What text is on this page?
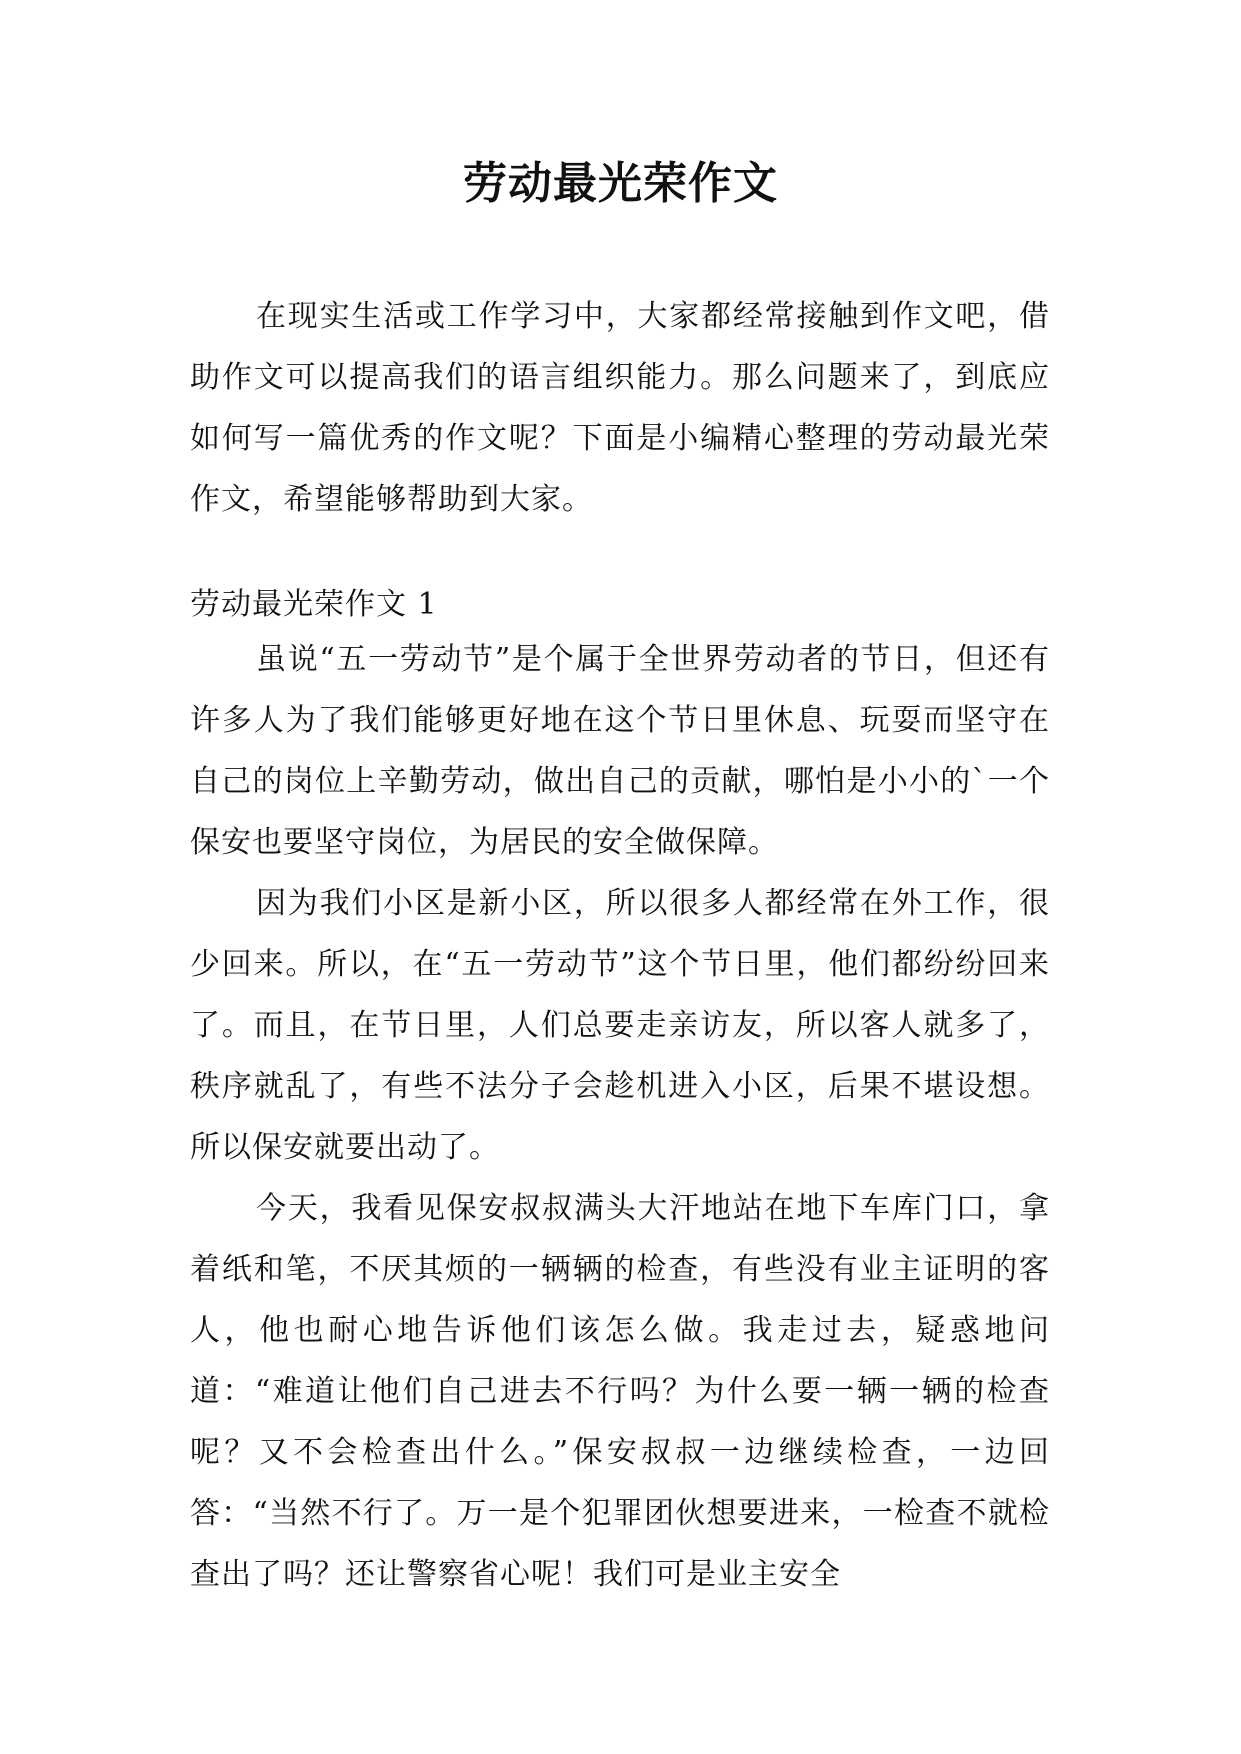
劳动最光荣作文

在现实生活或工作学习中，大家都经常接触到作文吧，借助作文可以提高我们的语言组织能力。那么问题来了，到底应如何写一篇优秀的作文呢？下面是小编精心整理的劳动最光荣作文，希望能够帮助到大家。

劳动最光荣作文 1

虽说“五一劳动节”是个属于全世界劳动者的节日，但还有许多人为了我们能够更好地在这个节日里休息、玩耍而坚守在自己的岗位上辛勤劳动，做出自己的贡献，哪怕是小小的`一个保安也要坚守岗位，为居民的安全做保障。

因为我们小区是新小区，所以很多人都经常在外工作，很少回来。所以，在“五一劳动节”这个节日里，他们都纷纷回来了。而且，在节日里，人们总要走亲访友，所以客人就多了，秩序就乱了，有些不法分子会趁机进入小区，后果不堪设想。所以保安就要出动了。

今天，我看见保安叔叔满头大汗地站在地下车库门口，拿着纸和笔，不厌其烦的一辆辆的检查，有些没有业主证明的客人，他也耐心地告诉他们该怎么做。我走过去，疑惑地问道：“难道让他们自己进去不行吗？为什么要一辆一辆的检查呢？又不会检查出什么。”保安叔叔一边继续检查，一边回答：“当然不行了。万一是个犯罪团伙想要进来，一检查不就检查出了吗？还让警察省心呢！我们可是业主安全
